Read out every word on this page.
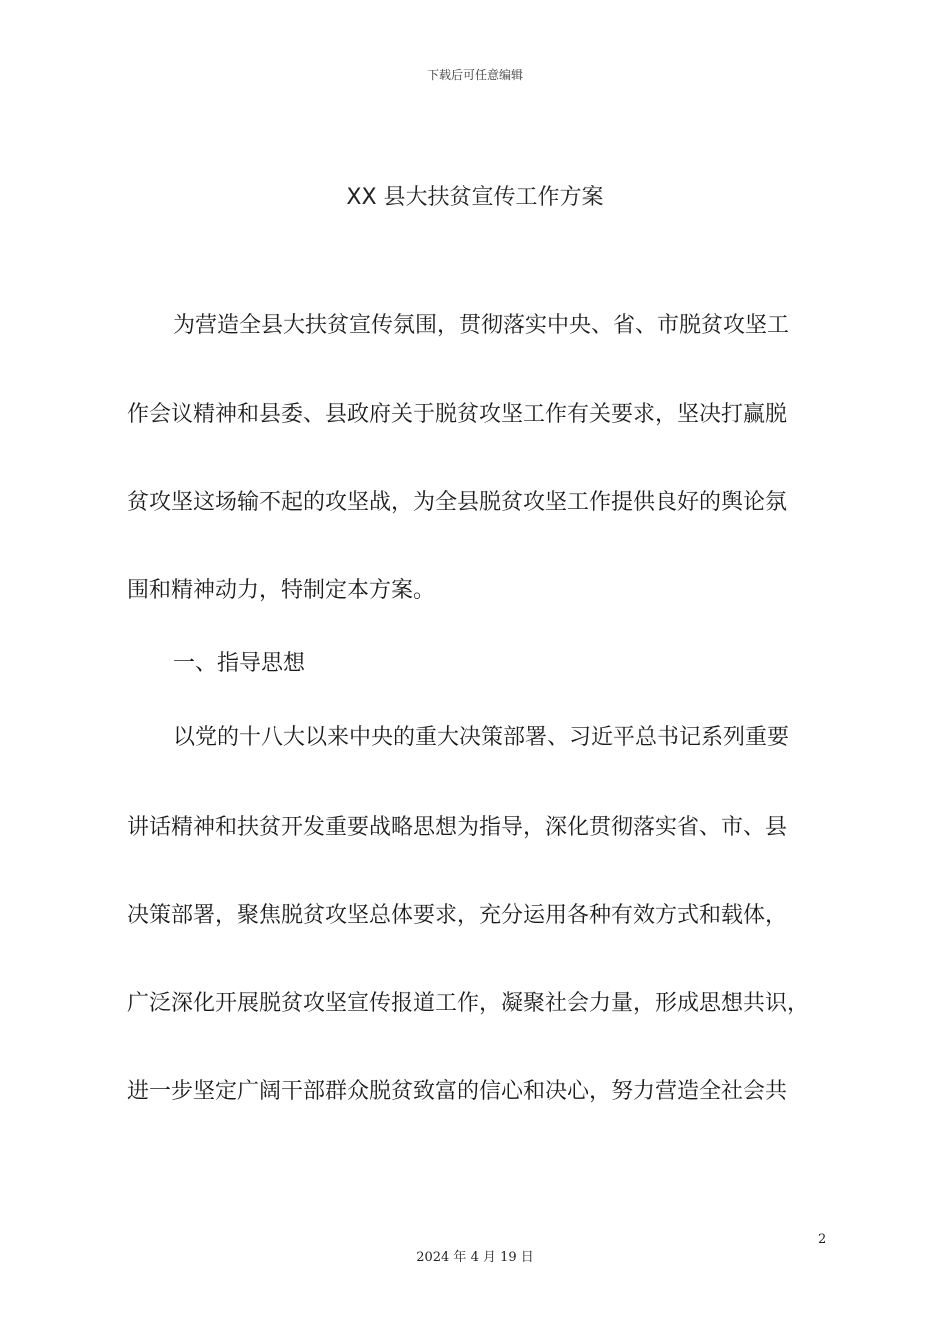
下载后可任意编辑
XX 县大扶贫宣传工作方案
为营造全县大扶贫宣传氛围，贯彻落实中央、省、市脱贫攻坚工
作会议精神和县委、县政府关于脱贫攻坚工作有关要求，坚决打赢脱
贫攻坚这场输不起的攻坚战，为全县脱贫攻坚工作提供良好的舆论氛
围和精神动力，特制定本方案。
一、指导思想
以党的十八大以来中央的重大决策部署、习近平总书记系列重要
讲话精神和扶贫开发重要战略思想为指导，深化贯彻落实省、市、县
决策部署，聚焦脱贫攻坚总体要求，充分运用各种有效方式和载体，
广泛深化开展脱贫攻坚宣传报道工作，凝聚社会力量，形成思想共识，
进一步坚定广阔干部群众脱贫致富的信心和决心，努力营造全社会共
2
2024 年 4 月 19 日
